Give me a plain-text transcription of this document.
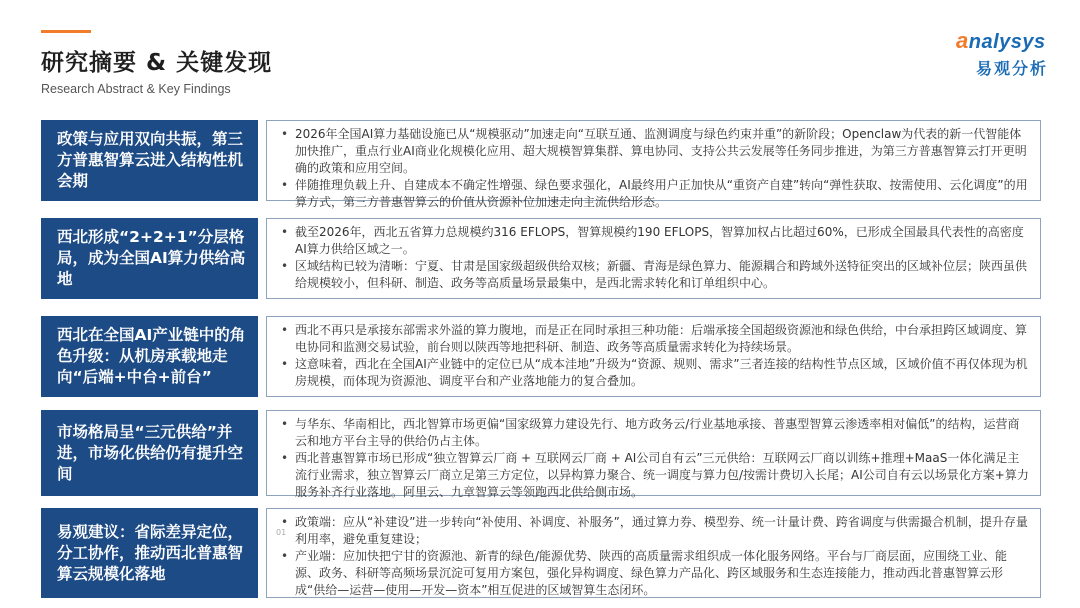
研究摘要 & 关键发现
Research Abstract & Key Findings
analysys
易观分析
政策与应用双向共振，第三方普惠智算云进入结构性机会期
• 2026年全国AI算力基础设施已从“规模驱动”加速走向“互联互通、监测调度与绿色约束并重”的新阶段；Openclaw为代表的新一代智能体加快推广，重点行业AI商业化规模化应用、超大规模智算集群、算电协同、支持公共云发展等任务同步推进，为第三方普惠智算云打开更明确的政策和应用空间。
• 伴随推理负载上升、自建成本不确定性增强、绿色要求强化，AI最终用户正加快从“重资产自建”转向“弹性获取、按需使用、云化调度”的用算方式，第三方普惠智算云的价值从资源补位加速走向主流供给形态。
西北形成“2+2+1”分层格局，成为全国AI算力供给高地
• 截至2026年，西北五省算力总规模约316 EFLOPS，智算规模约190 EFLOPS，智算加权占比超过60%，已形成全国最具代表性的高密度AI算力供给区域之一。
• 区域结构已较为清晰：宁夏、甘肃是国家级超级供给双核；新疆、青海是绿色算力、能源耦合和跨域外送特征突出的区域补位层；陕西虽供给规模较小，但科研、制造、政务等高质量场景最集中，是西北需求转化和订单组织中心。
西北在全国AI产业链中的角色升级：从机房承载地走向“后端+中台+前台”
• 西北不再只是承接东部需求外溢的算力腹地，而是正在同时承担三种功能：后端承接全国超级资源池和绿色供给，中台承担跨区域调度、算电协同和监测交易试验，前台则以陕西等地把科研、制造、政务等高质量需求转化为持续场景。
• 这意味着，西北在全国AI产业链中的定位已从“成本洼地”升级为“资源、规则、需求”三者连接的结构性节点区域，区域价值不再仅体现为机房规模，而体现为资源池、调度平台和产业落地能力的复合叠加。
市场格局呈“三元供给”并进，市场化供给仍有提升空间
• 与华东、华南相比，西北智算市场更偏“国家级算力建设先行、地方政务云/行业基地承接、普惠型智算云渗透率相对偏低”的结构，运营商云和地方平台主导的供给仍占主体。
• 西北普惠智算市场已形成“独立智算云厂商 + 互联网云厂商 + AI公司自有云”三元供给：互联网云厂商以训练+推理+MaaS一体化满足主流行业需求，独立智算云厂商立足第三方定位，以异构算力聚合、统一调度与算力包/按需计费切入长尾；AI公司自有云以场景化方案+算力服务补齐行业落地。阿里云、九章智算云等领跑西北供给侧市场。
易观建议：省际差异定位，分工协作，推动西北普惠智算云规模化落地
• 政策端：应从“补建设”进一步转向“补使用、补调度、补服务”，通过算力券、模型券、统一计量计费、跨省调度与供需撮合机制，提升存量利用率，避免重复建设；
• 产业端：应加快把宁甘的资源池、新青的绿色/能源优势、陕西的高质量需求组织成一体化服务网络。平台与厂商层面，应围绕工业、能源、政务、科研等高频场景沉淀可复用方案包，强化异构调度、绿色算力产品化、跨区域服务和生态连接能力，推动西北普惠智算云形成“供给—运营—使用—开发—资本”相互促进的区域智算生态闭环。
01
